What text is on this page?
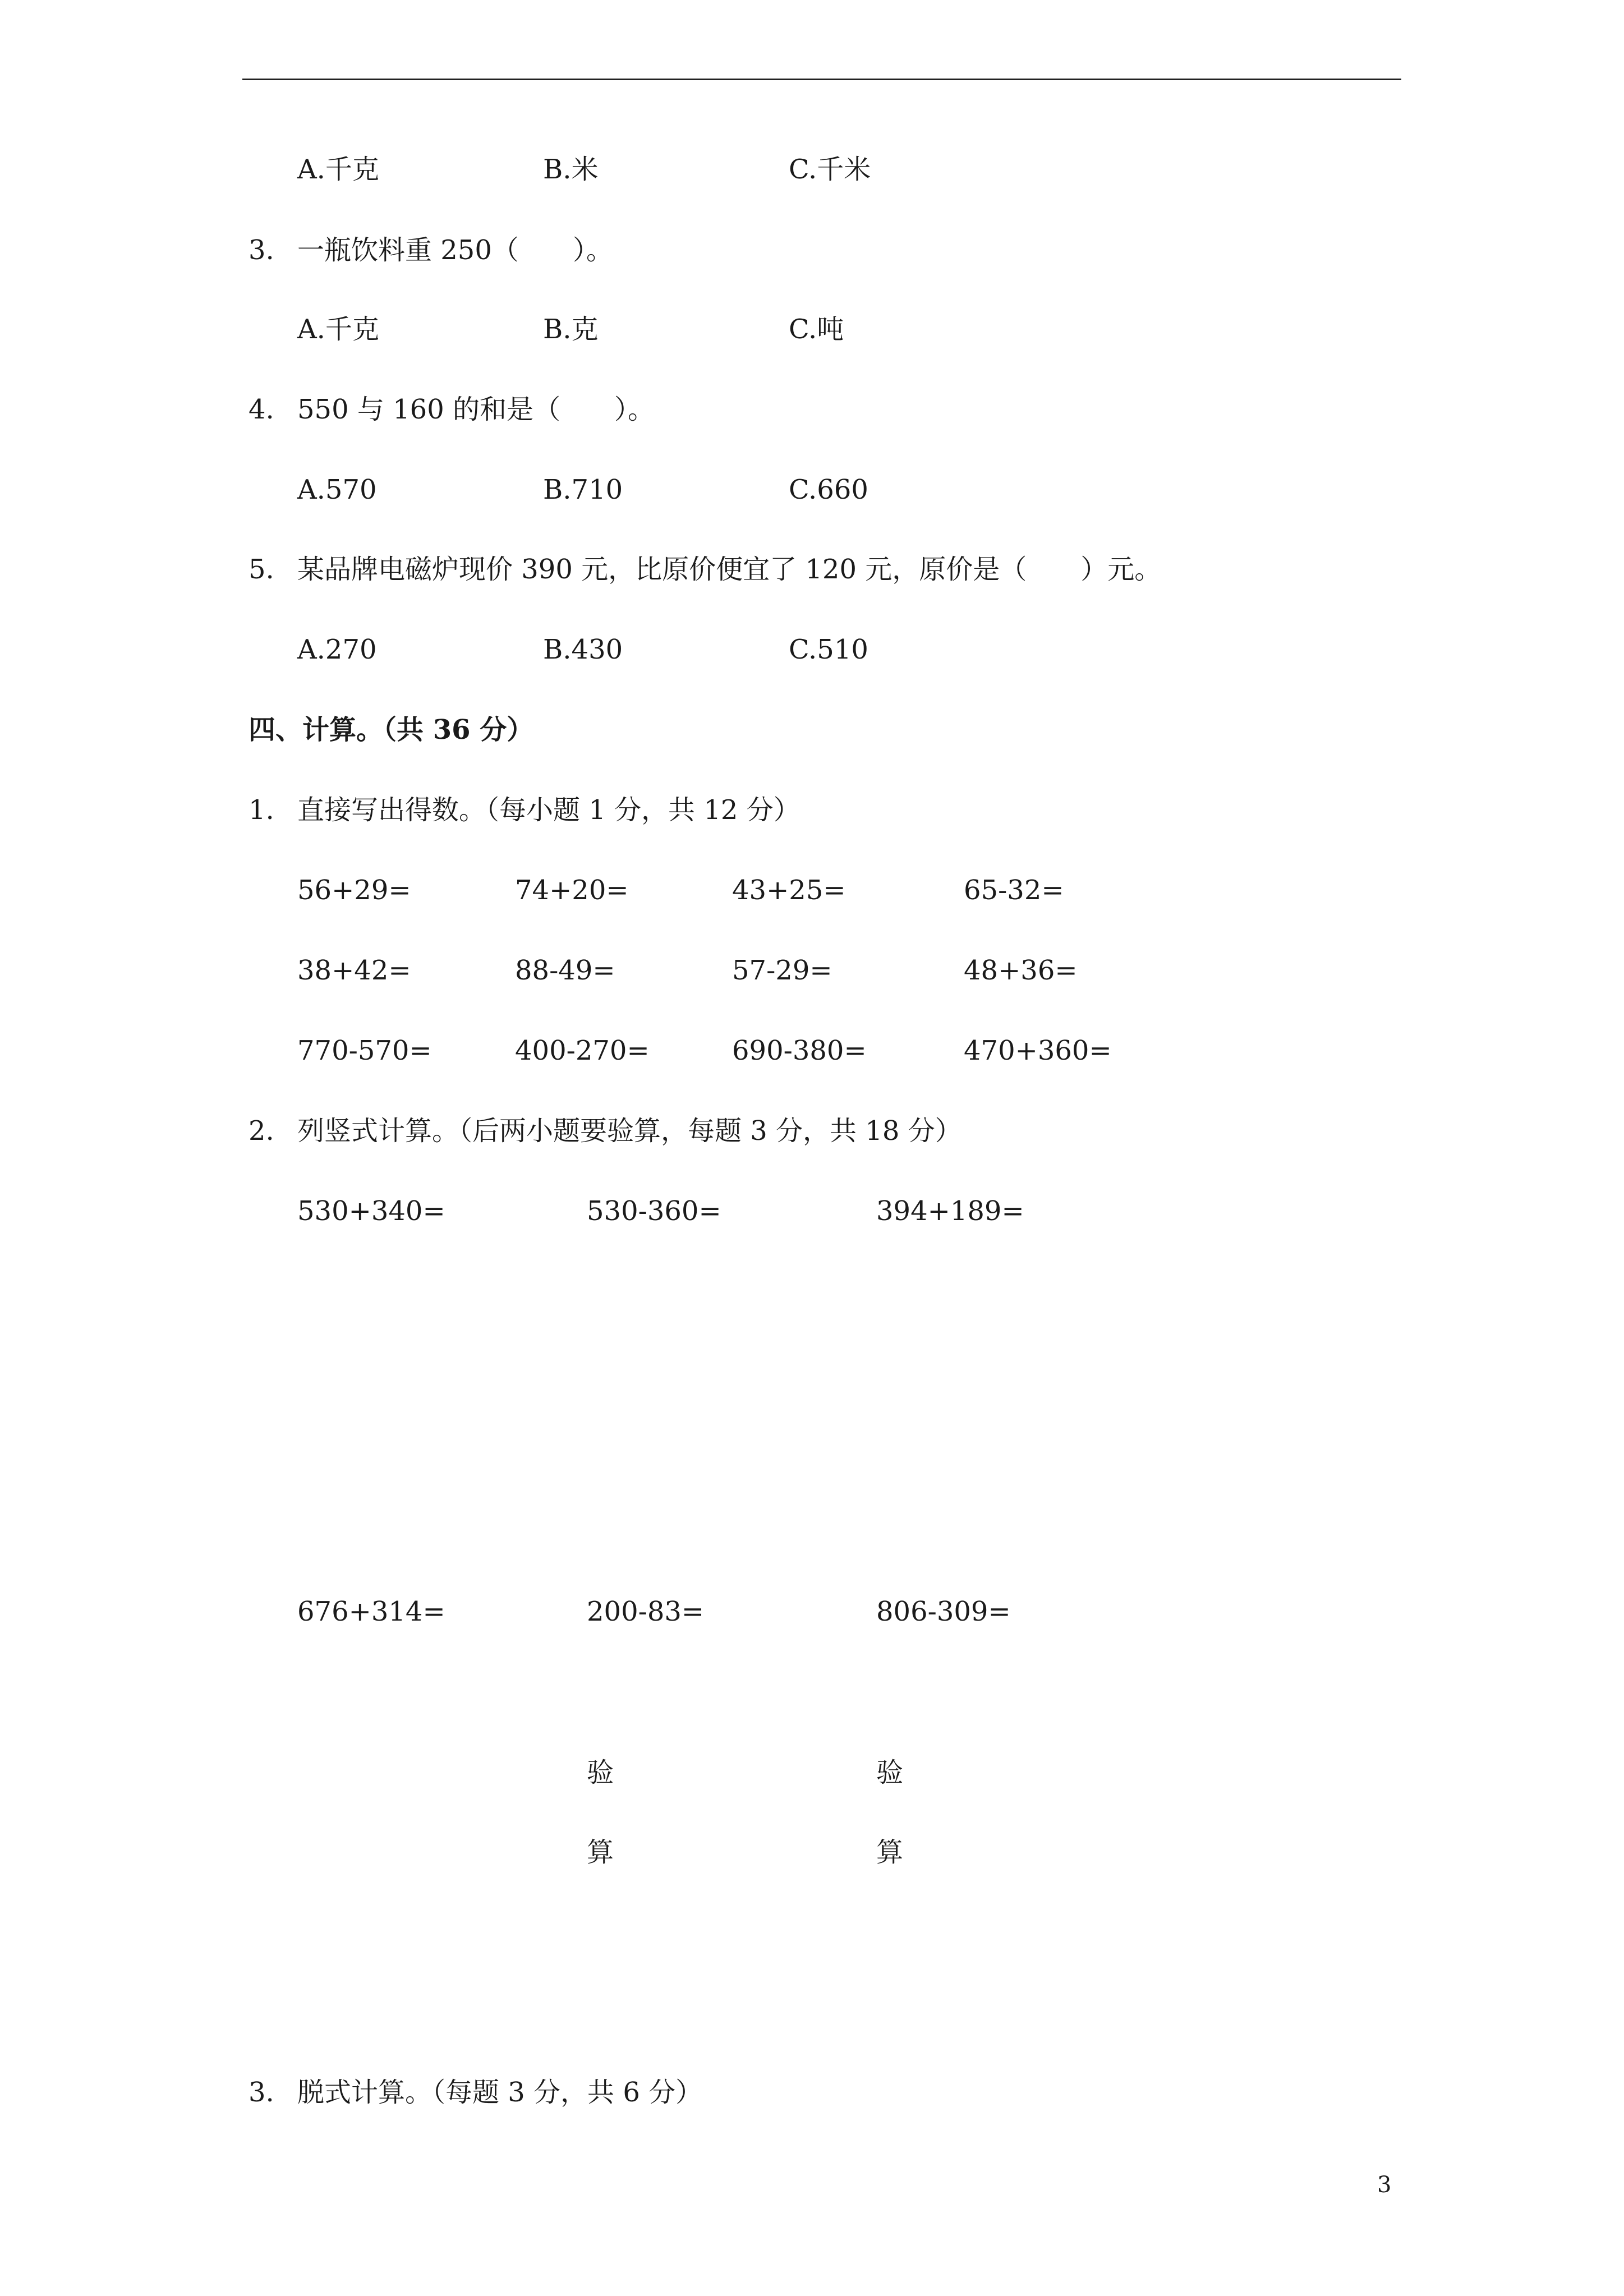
A.千克	B.米	C.千米
3. 一瓶饮料重 250（　　）。
A.千克	B.克	C.吨
4. 550 与 160 的和是（　　）。
A.570	B.710	C.660
5. 某品牌电磁炉现价 390 元，比原价便宜了 120 元，原价是（　　）元。
A.270	B.430	C.510
四、计算。（共 36 分）
1. 直接写出得数。（每小题 1 分，共 12 分）
56+29=	74+20=	43+25=	65-32=
38+42=	88-49=	57-29=	48+36=
770-570=	400-270=	690-380=	470+360=
2. 列竖式计算。（后两小题要验算，每题 3 分，共 18 分）
530+340=	530-360=	394+189=
676+314=	200-83=	806-309=
验
算
验
算
3. 脱式计算。（每题 3 分，共 6 分）
3
